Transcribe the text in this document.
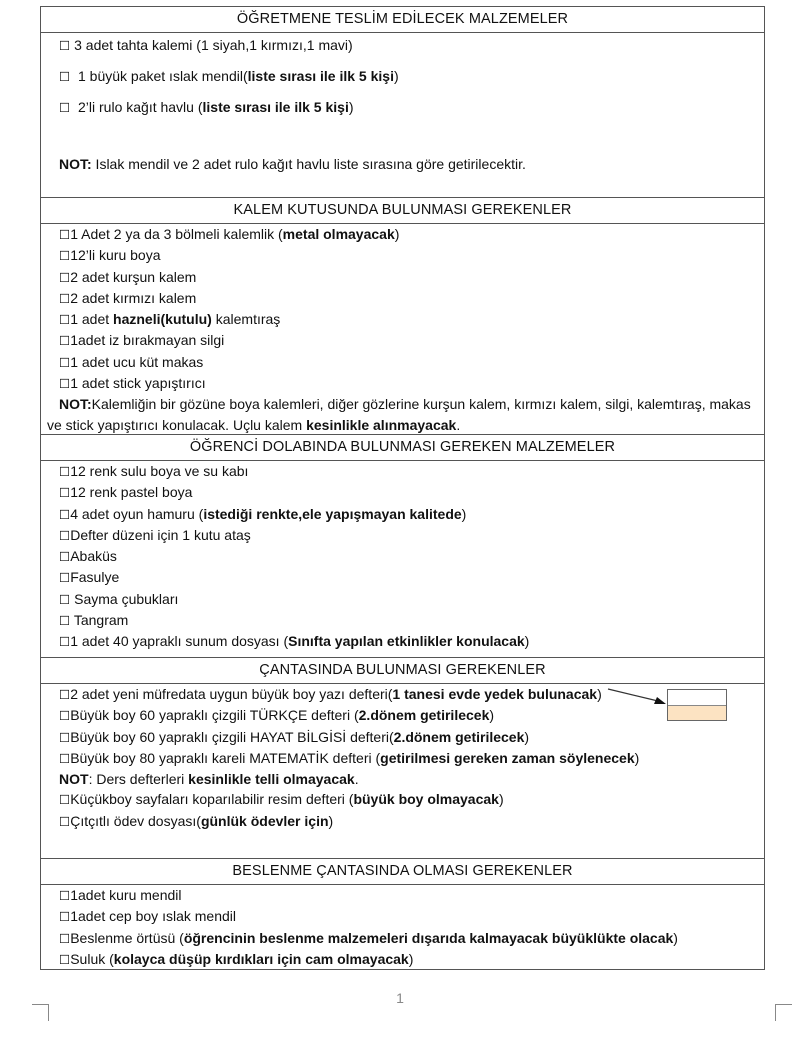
ÖĞRETMENE TESLİM EDİLECEK MALZEMELER
☐ 3 adet tahta kalemi (1 siyah,1 kırmızı,1 mavi)
☐ 1 büyük paket ıslak mendil(liste sırası ile ilk 5 kişi)
☐ 2’li rulo kağıt havlu (liste sırası ile ilk 5 kişi)
NOT: Islak mendil ve 2 adet rulo kağıt havlu liste sırasına göre getirilecektir.
KALEM KUTUSUNDA BULUNMASI GEREKENLER
☐1 Adet 2 ya da 3 bölmeli kalemlik (metal olmayacak)
☐12’li kuru boya
☐2 adet kurşun kalem
☐2 adet kırmızı kalem
☐1 adet hazneli(kutulu) kalemtıraş
☐1adet iz bırakmayan silgi
☐1 adet ucu küt makas
☐1 adet stick yapıştırıcı
NOT:Kalemliğin bir gözüne boya kalemleri, diğer gözlerine kurşun kalem, kırmızı kalem, silgi, kalemtıraş, makas ve stick yapıştırıcı konulacak. Uçlu kalem kesinlikle alınmayacak.
ÖĞRENCİ DOLABINDA BULUNMASI GEREKEN MALZEMELER
☐12 renk sulu boya ve su kabı
☐12 renk pastel boya
☐4 adet oyun hamuru (istediği renkte,ele yapışmayan kalitede)
☐Defter düzeni için 1 kutu ataş
☐Abaküs
☐Fasulye
☐ Sayma çubukları
☐ Tangram
☐1 adet 40 yapraklı sunum dosyası (Sınıfta yapılan etkinlikler konulacak)
ÇANTASINDA BULUNMASI GEREKENLER
☐2 adet yeni müfredata uygun büyük boy yazı defteri(1 tanesi evde yedek bulunacak)
☐Büyük boy 60 yapraklı çizgili TÜRKÇE defteri (2.dönem getirilecek)
☐Büyük boy 60 yapraklı çizgili HAYAT BİLGİSİ defteri(2.dönem getirilecek)
☐Büyük boy 80 yapraklı kareli MATEMATİK defteri (getirilmesi gereken zaman söylenecek)
NOT: Ders defterleri kesinlikle telli olmayacak.
☐Küçükboy sayfaları koparılabilir resim defteri (büyük boy olmayacak)
☐Çıtçıtlı ödev dosyası(günlük ödevler için)
BESLENME ÇANTASINDA OLMASI GEREKENLER
☐1adet kuru mendil
☐1adet cep boy ıslak mendil
☐Beslenme örtüsü (öğrencinin beslenme malzemeleri dışarıda kalmayacak büyüklükte olacak)
☐Suluk (kolayca düşüp kırdıkları için cam olmayacak)
1
